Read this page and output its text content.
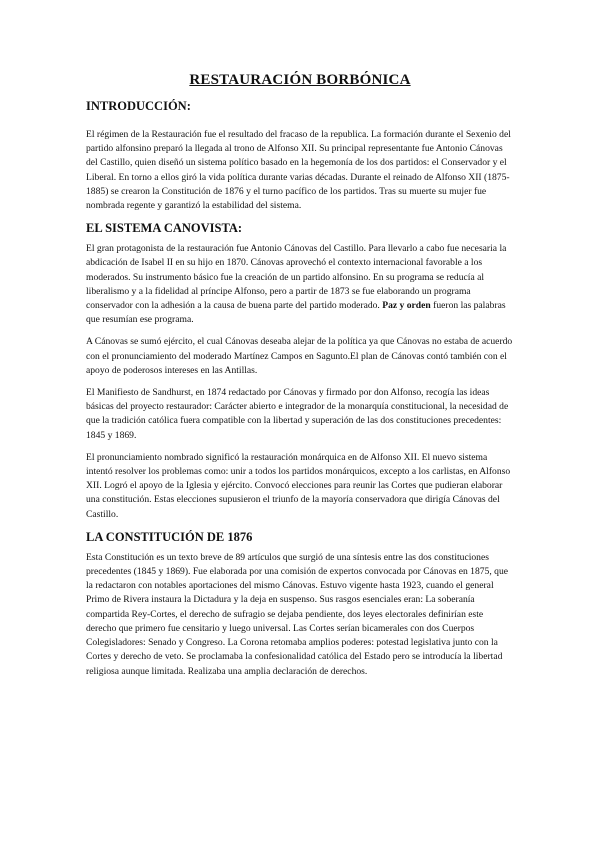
RESTAURACIÓN BORBÓNICA
INTRODUCCIÓN:

El régimen de la Restauración fue el resultado del fracaso de la republica. La formación durante el Sexenio del partido alfonsino preparó la llegada al trono de Alfonso XII. Su principal representante fue Antonio Cánovas del Castillo, quien diseñó un sistema político basado en la hegemonía de los dos partidos: el Conservador y el Liberal. En torno a ellos giró la vida política durante varias décadas. Durante el reinado de Alfonso XII (1875-1885) se crearon la Constitución de 1876 y el turno pacífico de los partidos. Tras su muerte su mujer fue nombrada regente y garantizó la estabilidad del sistema.

EL SISTEMA CANOVISTA:

El gran protagonista de la restauración fue Antonio Cánovas del Castillo. Para llevarlo a cabo fue necesaria la abdicación de Isabel II en su hijo en 1870. Cánovas aprovechó el contexto internacional favorable a los moderados. Su instrumento básico fue la creación de un partido alfonsino. En su programa se reducía al liberalismo y a la fidelidad al príncipe Alfonso, pero a partir de 1873 se fue elaborando un programa conservador con la adhesión a la causa de buena parte del partido moderado. Paz y orden fueron las palabras que resumían ese programa.

A Cánovas se sumó ejército, el cual Cánovas deseaba alejar de la política ya que Cánovas no estaba de acuerdo con el pronunciamiento del moderado Martínez Campos en Sagunto.El plan de Cánovas contó también con el apoyo de poderosos intereses en las Antillas.

El Manifiesto de Sandhurst, en 1874 redactado por Cánovas y firmado por don Alfonso, recogía las ideas básicas del proyecto restaurador: Carácter abierto e integrador de la monarquía constitucional, la necesidad de que la tradición católica fuera compatible con la libertad y superación de las dos constituciones precedentes: 1845 y 1869.

El pronunciamiento nombrado significó la restauración monárquica en de Alfonso XII. El nuevo sistema intentó resolver los problemas como: unir a todos los partidos monárquicos, excepto a los carlistas, en Alfonso XII. Logró el apoyo de la Iglesia y ejército. Convocó elecciones para reunir las Cortes que pudieran elaborar una constitución. Estas elecciones supusieron el triunfo de la mayoría conservadora que dirigía Cánovas del Castillo.

LA CONSTITUCIÓN DE 1876

Esta Constitución es un texto breve de 89 artículos que surgió de una síntesis entre las dos constituciones precedentes (1845 y 1869). Fue elaborada por una comisión de expertos convocada por Cánovas en 1875, que la redactaron con notables aportaciones del mismo Cánovas. Estuvo vigente hasta 1923, cuando el general Primo de Rivera instaura la Dictadura y la deja en suspenso. Sus rasgos esenciales eran: La soberanía compartida Rey-Cortes, el derecho de sufragio se dejaba pendiente, dos leyes electorales definirían este derecho que primero fue censitario y luego universal. Las Cortes serían bicamerales con dos Cuerpos Colegisladores: Senado y Congreso. La Corona retomaba amplios poderes: potestad legislativa junto con la Cortes y derecho de veto. Se proclamaba la confesionalidad católica del Estado pero se introducía la libertad religiosa aunque limitada. Realizaba una amplia declaración de derechos.
